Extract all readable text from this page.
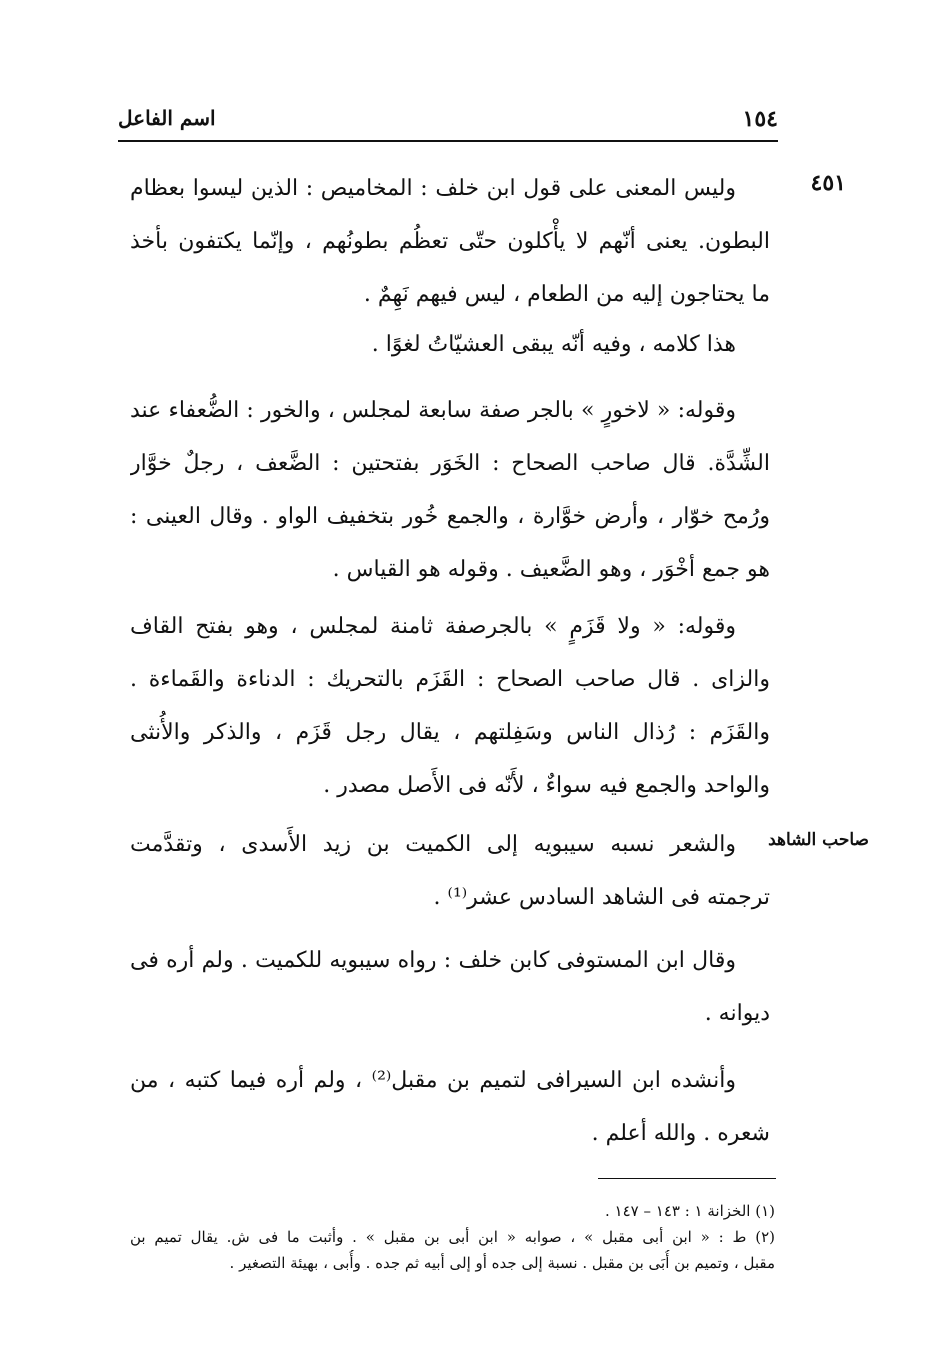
١٥٤
اسم الفاعل
٤٥١
صاحب الشاهد
وليس المعنى على قول ابن خلف : المخاميص : الذين ليسوا بعظام
البطون. يعنى أنّهم لا يأْكلون حتّى تعظُم بطونُهم ، وإنّما يكتفون بأخذ
ما يحتاجون إليه من الطعام ، ليس فيهم نَهِمٌ .
هذا كلامه ، وفيه أنّه يبقى العشيّاتُ لغوًا .
وقوله: « لاخورٍ » بالجر صفة سابعة لمجلس ، والخور : الضُّعفاء عند
الشِّدَّة. قال صاحب الصحاح : الخَوَر بفتحتين : الضَّعف ، رجلٌ خوَّار
ورُمح خوّار ، وأرض خوَّارة ، والجمع خُور بتخفيف الواو . وقال العينى :
هو جمع أخْوَر ، وهو الضَّعيف . وقوله هو القياس .
وقوله: « ولا قَزَمٍ » بالجرصفة ثامنة لمجلس ، وهو بفتح القاف
والزاى . قال صاحب الصحاح : القَزَم بالتحريك : الدناءة والقَماءة .
والقَزَم : رُذال الناس وسَفِلتهم ، يقال رجل قَزَم ، والذكر والأُنثى
والواحد والجمع فيه سواءٌ ، لأَنّه فى الأَصل مصدر .
والشعر نسبه سيبويه إلى الكميت بن زيد الأَسدى ، وتقدَّمت
ترجمته فى الشاهد السادس عشر⁽¹⁾ .
وقال ابن المستوفى كابن خلف : رواه سيبويه للكميت . ولم أره فى
ديوانه .
وأنشده ابن السيرافى لتميم بن مقبل⁽²⁾ ، ولم أره فيما كتبه ، من
شعره . والله أعلم .
(١) الخزانة ١ : ١٤٣ – ١٤٧ .
(٢) ط : « ابن أبى مقبل » ، صوابه « ابن أبى بن مقبل » . وأثبت ما فى ش. يقال تميم بن
مقبل ، وتميم بن أُبَى بن مقبل . نسبة إلى جده أو إلى أبيه ثم جده . وأُبى ، بهيئة التصغير .
